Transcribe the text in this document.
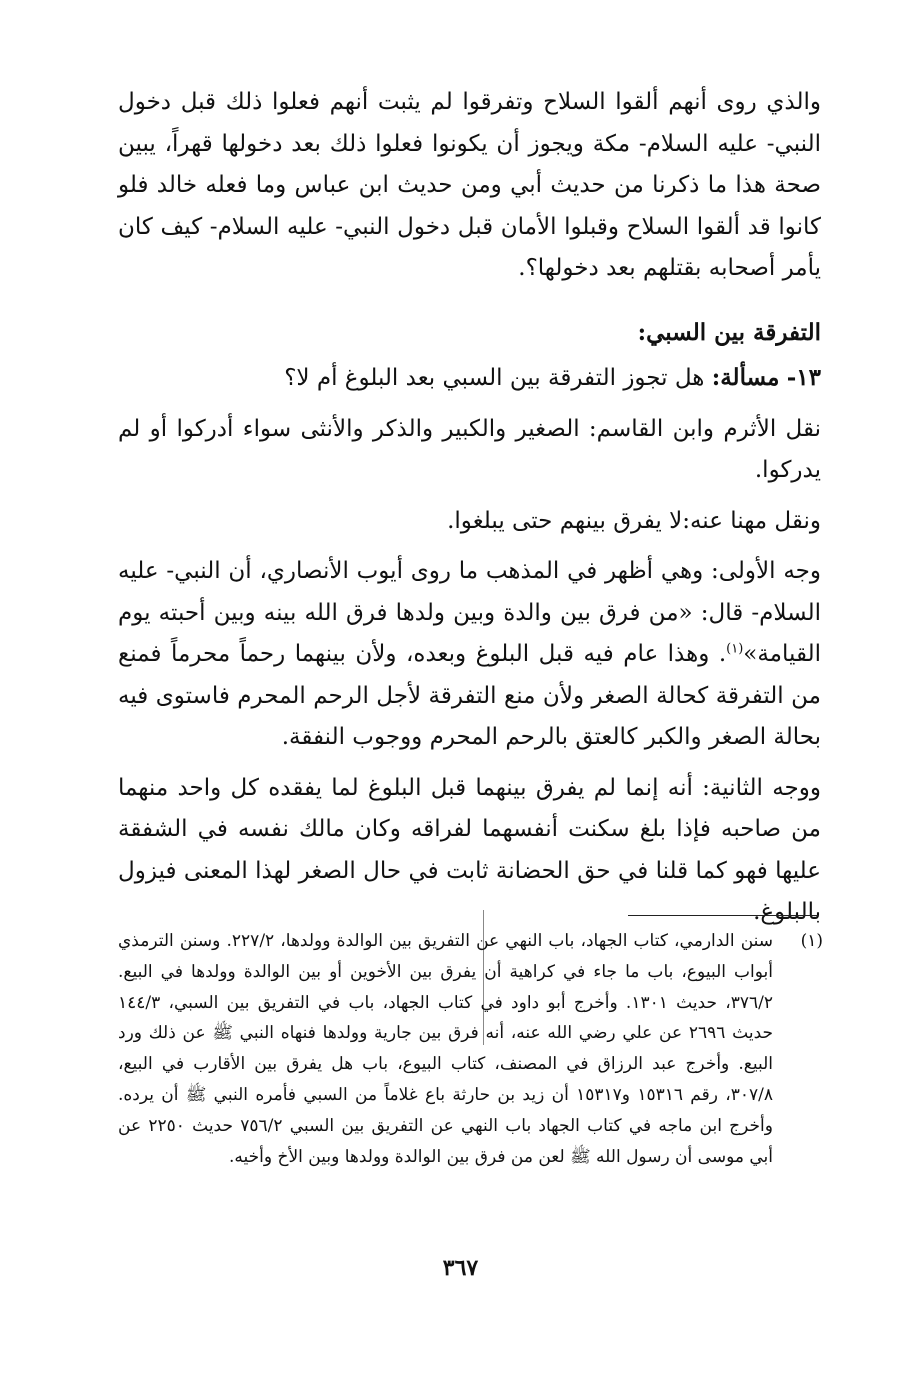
والذي روى أنهم ألقوا السلاح وتفرقوا لم يثبت أنهم فعلوا ذلك قبل دخول النبي- عليه السلام- مكة ويجوز أن يكونوا فعلوا ذلك بعد دخولها قهراً، يبين صحة هذا ما ذكرنا من حديث أبي ومن حديث ابن عباس وما فعله خالد فلو كانوا قد ألقوا السلاح وقبلوا الأمان قبل دخول النبي- عليه السلام- كيف كان يأمر أصحابه بقتلهم بعد دخولها؟.

التفرقة بين السبي:

١٣- مسألة: هل تجوز التفرقة بين السبي بعد البلوغ أم لا؟

نقل الأثرم وابن القاسم: الصغير والكبير والذكر والأنثى سواء أدركوا أو لم يدركوا.

ونقل مهنا عنه:لا يفرق بينهم حتى يبلغوا.

وجه الأولى: وهي أظهر في المذهب ما روى أيوب الأنصاري، أن النبي- عليه السلام- قال: «من فرق بين والدة وبين ولدها فرق الله بينه وبين أحبته يوم القيامة»$^{(١)}$. وهذا عام فيه قبل البلوغ وبعده، ولأن بينهما رحماً محرماً فمنع من التفرقة كحالة الصغر ولأن منع التفرقة لأجل الرحم المحرم فاستوى فيه بحالة الصغر والكبر كالعتق بالرحم المحرم ووجوب النفقة.

ووجه الثانية: أنه إنما لم يفرق بينهما قبل البلوغ لما يفقده كل واحد منهما من صاحبه فإذا بلغ سكنت أنفسهما لفراقه وكان مالك نفسه في الشفقة عليها فهو كما قلنا في حق الحضانة ثابت في حال الصغر لهذا المعنى فيزول بالبلوغ.

(١)
سنن الدارمي، كتاب الجهاد، باب النهي عن التفريق بين الوالدة وولدها، ٢٢٧/٢. وسنن الترمذي أبواب البيوع، باب ما جاء في كراهية أن يفرق بين الأخوين أو بين الوالدة وولدها في البيع. ٣٧٦/٢، حديث ١٣٠١. وأخرج أبو داود في كتاب الجهاد، باب في التفريق بين السبي، ١٤٤/٣ حديث ٢٦٩٦ عن علي رضي الله عنه، أنه فرق بين جارية وولدها فنهاه النبي ﷺ عن ذلك ورد البيع. وأخرج عبد الرزاق في المصنف، كتاب البيوع، باب هل يفرق بين الأقارب في البيع، ٣٠٧/٨، رقم ١٥٣١٦ و١٥٣١٧ أن زيد بن حارثة باع غلاماً من السبي فأمره النبي ﷺ أن يرده. وأخرج ابن ماجه في كتاب الجهاد باب النهي عن التفريق بين السبي ٧٥٦/٢ حديث ٢٢٥٠ عن أبي موسى أن رسول الله ﷺ لعن من فرق بين الوالدة وولدها وبين الأخ وأخيه.
٣٦٧
